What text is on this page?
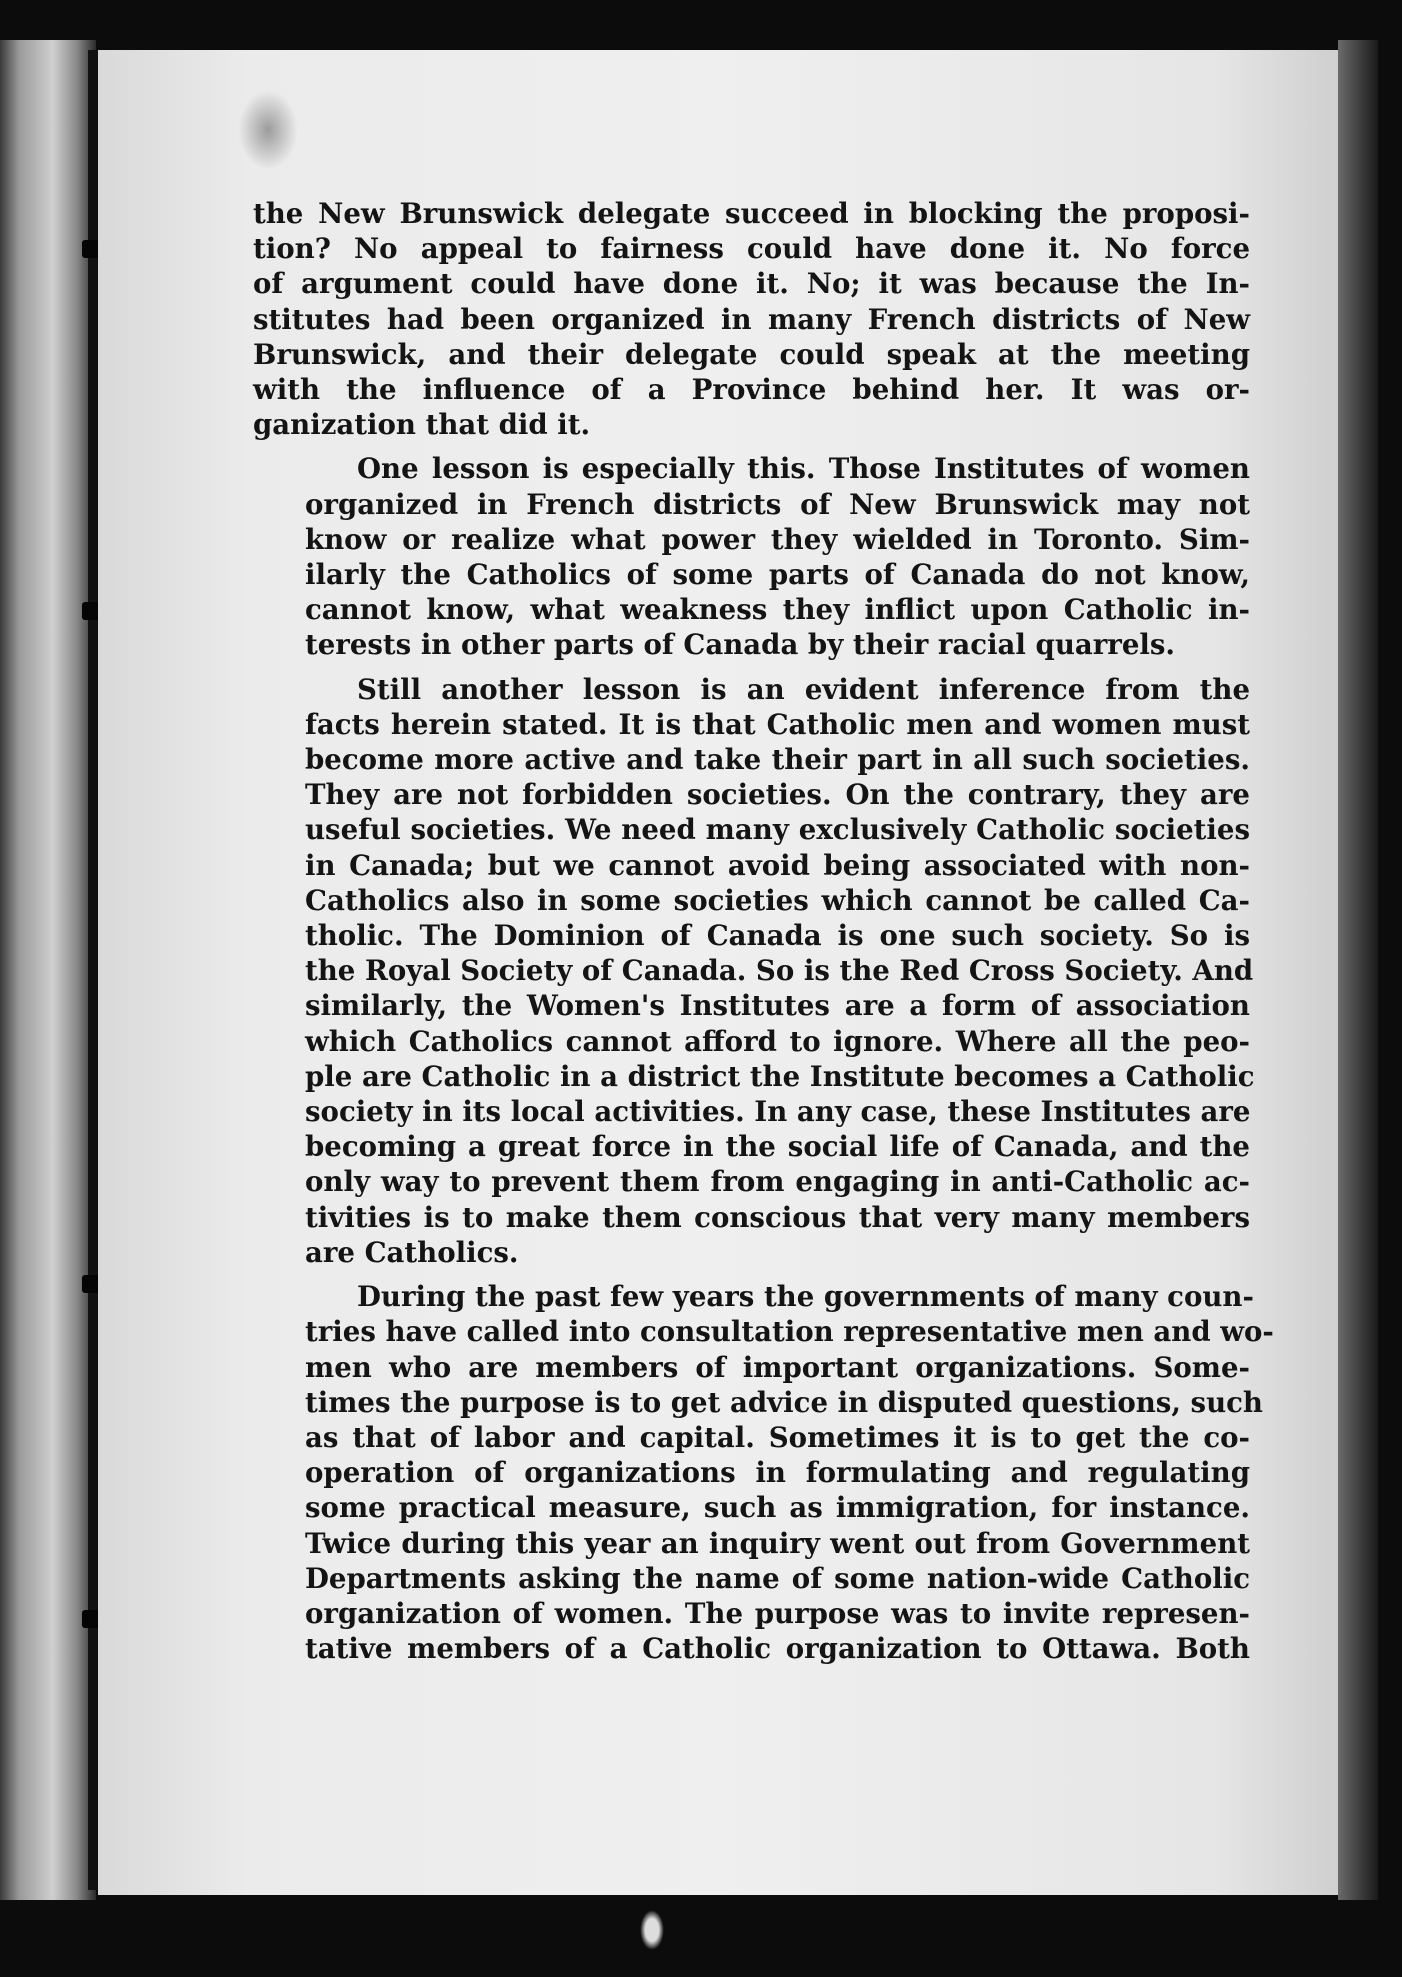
the New Brunswick delegate succeed in blocking the proposi-
tion? No appeal to fairness could have done it. No force
of argument could have done it. No; it was because the In-
stitutes had been organized in many French districts of New
Brunswick, and their delegate could speak at the meeting
with the influence of a Province behind her. It was or-
ganization that did it.

One lesson is especially this. Those Institutes of women
organized in French districts of New Brunswick may not
know or realize what power they wielded in Toronto. Sim-
ilarly the Catholics of some parts of Canada do not know,
cannot know, what weakness they inflict upon Catholic in-
terests in other parts of Canada by their racial quarrels.

Still another lesson is an evident inference from the
facts herein stated. It is that Catholic men and women must
become more active and take their part in all such societies.
They are not forbidden societies. On the contrary, they are
useful societies. We need many exclusively Catholic societies
in Canada; but we cannot avoid being associated with non-
Catholics also in some societies which cannot be called Ca-
tholic. The Dominion of Canada is one such society. So is
the Royal Society of Canada. So is the Red Cross Society. And
similarly, the Women's Institutes are a form of association
which Catholics cannot afford to ignore. Where all the peo-
ple are Catholic in a district the Institute becomes a Catholic
society in its local activities. In any case, these Institutes are
becoming a great force in the social life of Canada, and the
only way to prevent them from engaging in anti-Catholic ac-
tivities is to make them conscious that very many members
are Catholics.

During the past few years the governments of many coun-
tries have called into consultation representative men and wo-
men who are members of important organizations. Some-
times the purpose is to get advice in disputed questions, such
as that of labor and capital. Sometimes it is to get the co-
operation of organizations in formulating and regulating
some practical measure, such as immigration, for instance.
Twice during this year an inquiry went out from Government
Departments asking the name of some nation-wide Catholic
organization of women. The purpose was to invite represen-
tative members of a Catholic organization to Ottawa. Both
